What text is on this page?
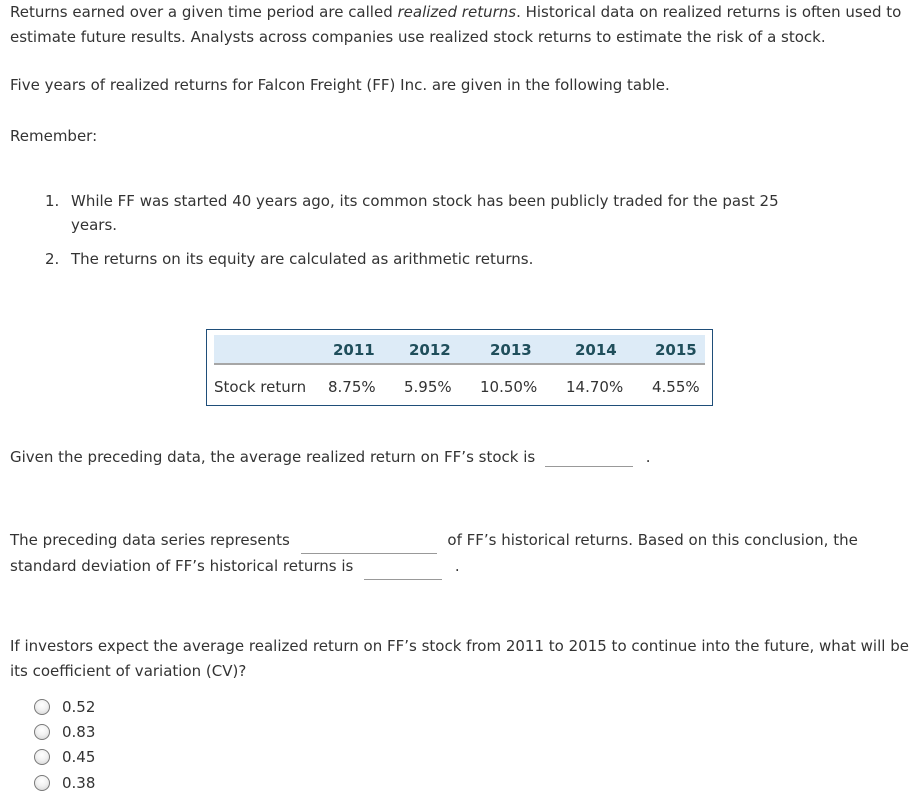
Returns earned over a given time period are called realized returns. Historical data on realized returns is often used to estimate future results. Analysts across companies use realized stock returns to estimate the risk of a stock.

Five years of realized returns for Falcon Freight (FF) Inc. are given in the following table.

Remember:

1. While FF was started 40 years ago, its common stock has been publicly traded for the past 25 years.
2. The returns on its equity are calculated as arithmetic returns.
2011 2012	2013	2014	2015
Stock return 8.75% 5.95% 10.50% 14.70% 4.55%
Given the preceding data, the average realized return on FF’s stock is	.
The preceding data series represents	of FF’s historical returns. Based on this conclusion, the standard deviation of FF’s historical returns is	.

If investors expect the average realized return on FF’s stock from 2011 to 2015 to continue into the future, what will be its coefficient of variation (CV)?

0.52
0.83
0.45
0.38
